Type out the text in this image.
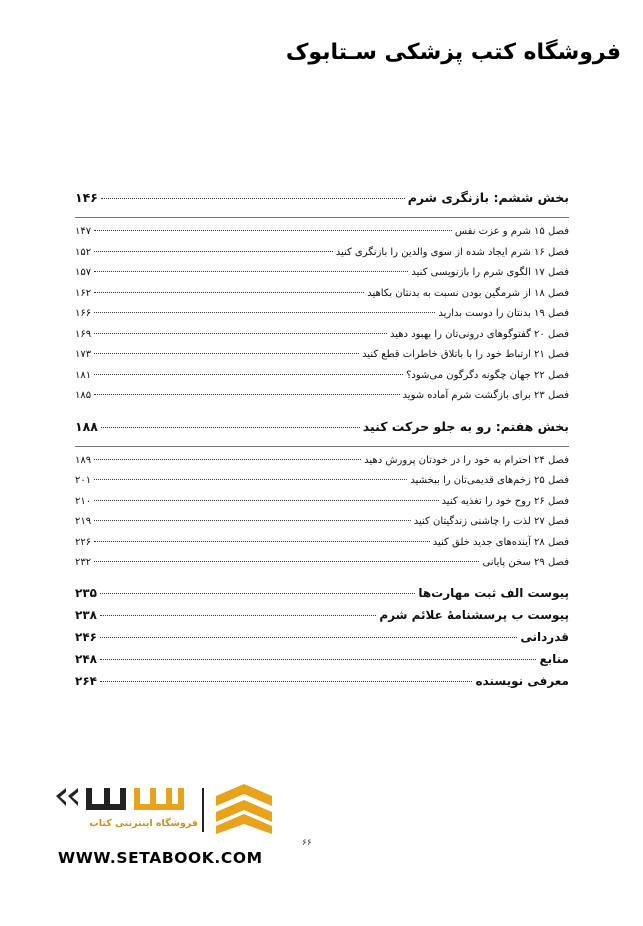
فروشگاه کتب پزشکی سـتابوک
بخش ششم: بازنگری شرم
۱۴۶
فصل ۱۵ شرم و عزت نفس
۱۴۷
فصل ۱۶ شرم ایجاد شده از سوی والدین را بازنگری کنید
۱۵۲
فصل ۱۷ الگوی شرم را بازنویسی کنید
۱۵۷
فصل ۱۸ از شرمگین بودن نسبت به بدنتان بکاهید
۱۶۲
فصل ۱۹ بدنتان را دوست بدارید
۱۶۶
فصل ۲۰ گفتوگوهای درونی‌تان را بهبود دهید
۱۶۹
فصل ۲۱ ارتباط خود را با باتلاق خاطرات قطع کنید
۱۷۳
فصل ۲۲ جهان چگونه دگرگون می‌شود؟
۱۸۱
فصل ۲۳ برای بازگشت شرم آماده شوید
۱۸۵
بخش هفتم: رو به جلو حرکت کنید
۱۸۸
فصل ۲۴ احترام به خود را در خودتان پرورش دهید
۱۸۹
فصل ۲۵ زخم‌های قدیمی‌تان را ببخشید
۲۰۱
فصل ۲۶ روح خود را تغذیه کنید
۲۱۰
فصل ۲۷ لذت را چاشنی زندگیتان کنید
۲۱۹
فصل ۲۸ آینده‌های جدید خلق کنید
۲۲۶
فصل ۲۹ سخن پایانی
۲۳۲
پیوست الف ثبت مهارت‌ها
۲۳۵
پیوست ب پرسشنامهٔ علائم شرم
۲۳۸
قدردانی
۲۴۶
منابع
۲۴۸
معرفی نویسنده
۲۶۴
فروشگاه اینترنتی کتاب
WWW.SETABOOK.COM
۶۶
